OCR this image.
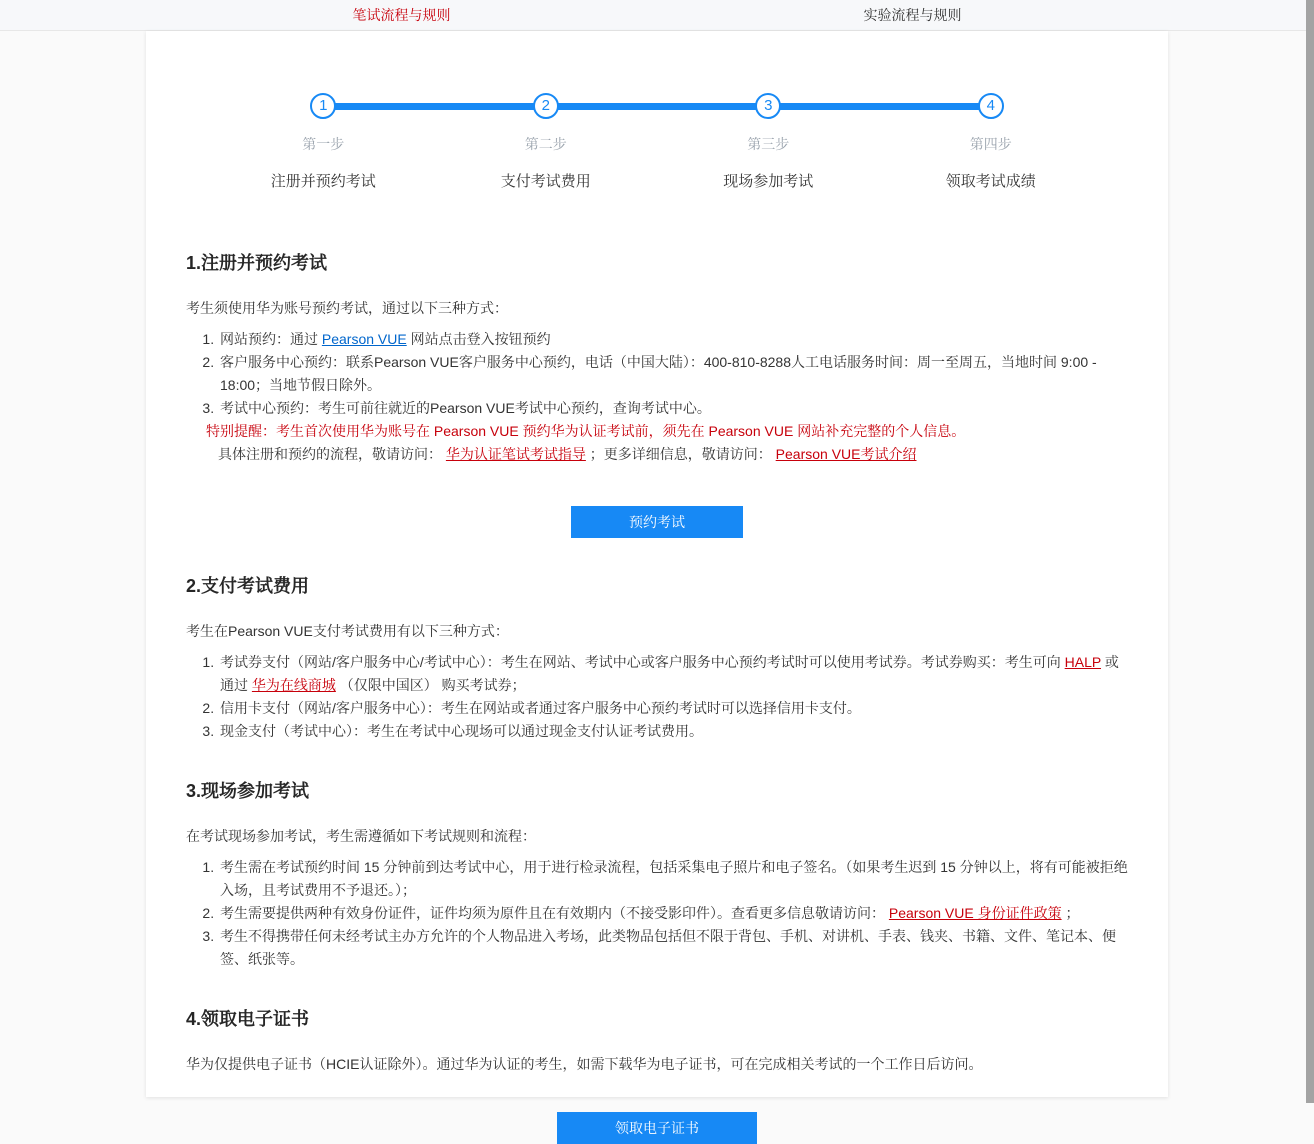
笔试流程与规则	实验流程与规则
1
第一步
注册并预约考试
2
第二步
支付考试费用
3
第三步
现场参加考试
4
第四步
领取考试成绩
1.注册并预约考试
考生须使用华为账号预约考试，通过以下三种方式：
1. 网站预约：通过 Pearson VUE 网站点击登入按钮预约
2. 客户服务中心预约：联系Pearson VUE客户服务中心预约，电话（中国大陆）：400-810-8288人工电话服务时间：周一至周五，当地时间 9:00 - 18:00；当地节假日除外。
3. 考试中心预约：考生可前往就近的Pearson VUE考试中心预约，查询考试中心。
特别提醒：考生首次使用华为账号在 Pearson VUE 预约华为认证考试前，须先在 Pearson VUE 网站补充完整的个人信息。
具体注册和预约的流程，敬请访问： 华为认证笔试考试指导 ；更多详细信息，敬请访问： Pearson VUE考试介绍
预约考试
2.支付考试费用
考生在Pearson VUE支付考试费用有以下三种方式：
1. 考试券支付（网站/客户服务中心/考试中心）：考生在网站、考试中心或客户服务中心预约考试时可以使用考试券。考试券购买：考生可向 HALP 或通过 华为在线商城 （仅限中国区） 购买考试券；
2. 信用卡支付（网站/客户服务中心）：考生在网站或者通过客户服务中心预约考试时可以选择信用卡支付。
3. 现金支付（考试中心）：考生在考试中心现场可以通过现金支付认证考试费用。
3.现场参加考试
在考试现场参加考试，考生需遵循如下考试规则和流程：
1. 考生需在考试预约时间 15 分钟前到达考试中心，用于进行检录流程，包括采集电子照片和电子签名。（如果考生迟到 15 分钟以上，将有可能被拒绝入场，且考试费用不予退还。）；
2. 考生需要提供两种有效身份证件，证件均须为原件且在有效期内（不接受影印件）。查看更多信息敬请访问： Pearson VUE 身份证件政策 ；
3. 考生不得携带任何未经考试主办方允许的个人物品进入考场，此类物品包括但不限于背包、手机、对讲机、手表、钱夹、书籍、文件、笔记本、便签、纸张等。
4.领取电子证书
华为仅提供电子证书（HCIE认证除外）。通过华为认证的考生，如需下载华为电子证书，可在完成相关考试的一个工作日后访问。
领取电子证书
